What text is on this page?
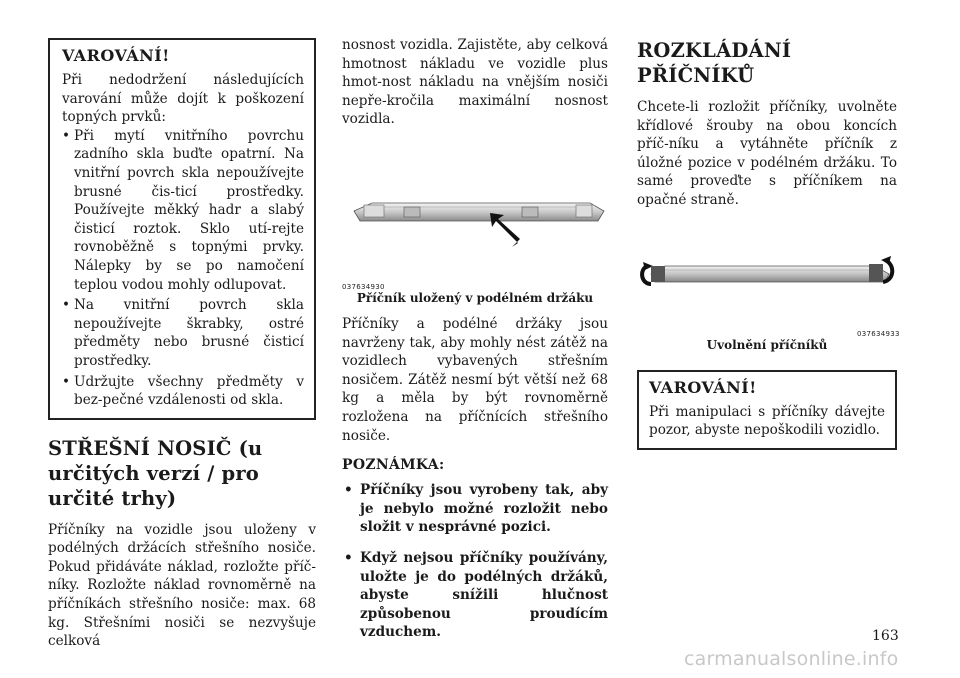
VAROVÁNÍ!

Při nedodržení následujících varování může dojít k poškození topných prvků:

• Při mytí vnitřního povrchu zadního skla buďte opatrní. Na vnitřní povrch skla nepoužívejte brusné čis-ticí prostředky. Používejte měkký hadr a slabý čisticí roztok. Sklo utí-rejte rovnoběžně s topnými prvky. Nálepky by se po namočení teplou vodou mohly odlupovat.

• Na vnitřní povrch skla nepoužívejte škrabky, ostré předměty nebo brusné čisticí prostředky.

• Udržujte všechny předměty v bez-pečné vzdálenosti od skla.

STŘEŠNÍ NOSIČ (u určitých verzí / pro určité trhy)

Příčníky na vozidle jsou uloženy v podélných držácích střešního nosiče. Pokud přidáváte náklad, rozložte příč-níky. Rozložte náklad rovnoměrně na příčníkách střešního nosiče: max. 68 kg. Střešními nosiči se nezvyšuje celková

nosnost vozidla. Zajistěte, aby celková hmotnost nákladu ve vozidle plus hmot-nost nákladu na vnějším nosiči nepře-kročila maximální nosnost vozidla.

037634930
Příčník uložený v podélném držáku

Příčníky a podélné držáky jsou navrženy tak, aby mohly nést zátěž na vozidlech vybavených střešním nosičem. Zátěž nesmí být větší než 68 kg a měla by být rovnoměrně rozložena na příčnících střešního nosiče.

POZNÁMKA:

• Příčníky jsou vyrobeny tak, aby je nebylo možné rozložit nebo složit v nesprávné pozici.

• Když nejsou příčníky používány, uložte je do podélných držáků, abyste snížili hlučnost způsobenou proudícím vzduchem.

ROZKLÁDÁNÍ PŘÍČNÍKŮ

Chcete-li rozložit příčníky, uvolněte křídlové šrouby na obou koncích příč-níku a vytáhněte příčník z úložné pozice v podélném držáku. To samé proveďte s příčníkem na opačné straně.

037634933
Uvolnění příčníků
VAROVÁNÍ!

Při manipulaci s příčníky dávejte pozor, abyste nepoškodili vozidlo.

163
carmanualsonline.info
